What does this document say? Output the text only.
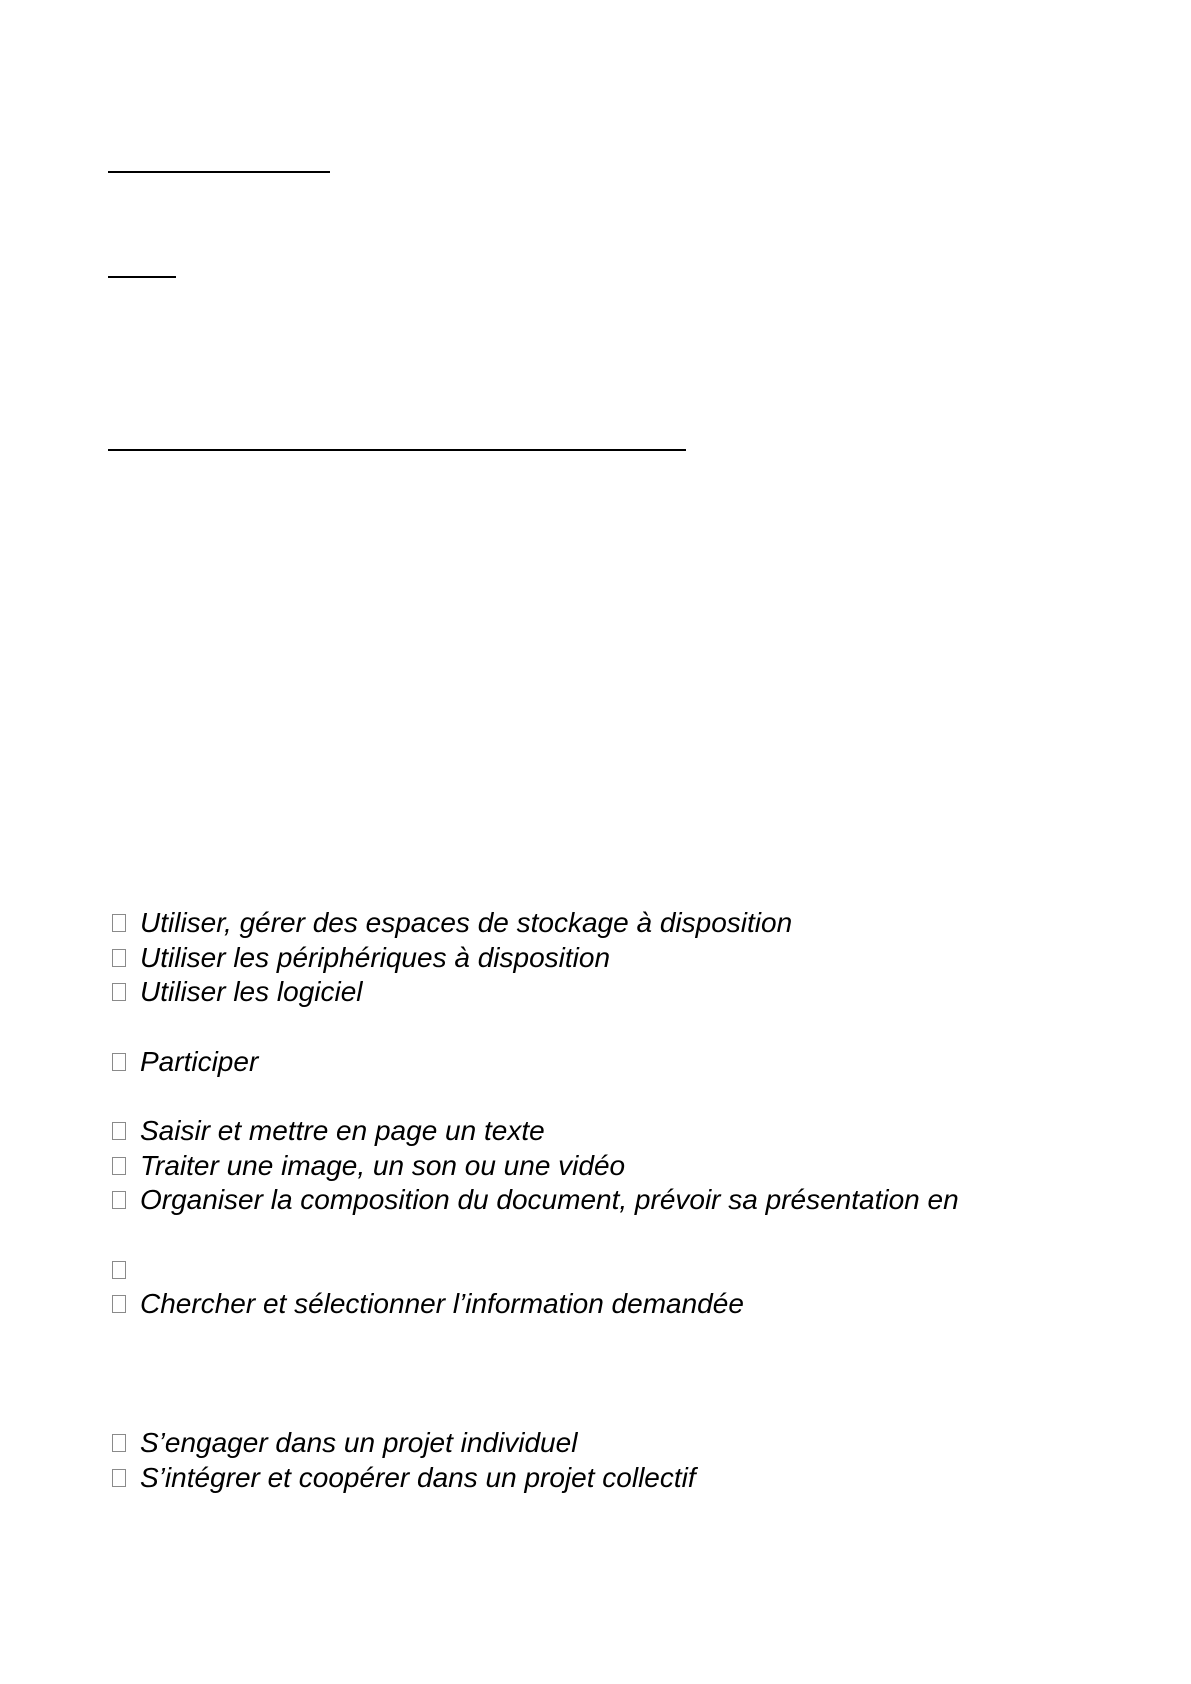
Utiliser, gérer des espaces de stockage à disposition
Utiliser les périphériques à disposition
Utiliser les logiciel
Participer
Saisir et mettre en page un texte
Traiter une image, un son ou une vidéo
Organiser la composition du document, prévoir sa présentation en
Chercher et sélectionner l’information demandée
S’engager dans un projet individuel
S’intégrer et coopérer dans un projet collectif
